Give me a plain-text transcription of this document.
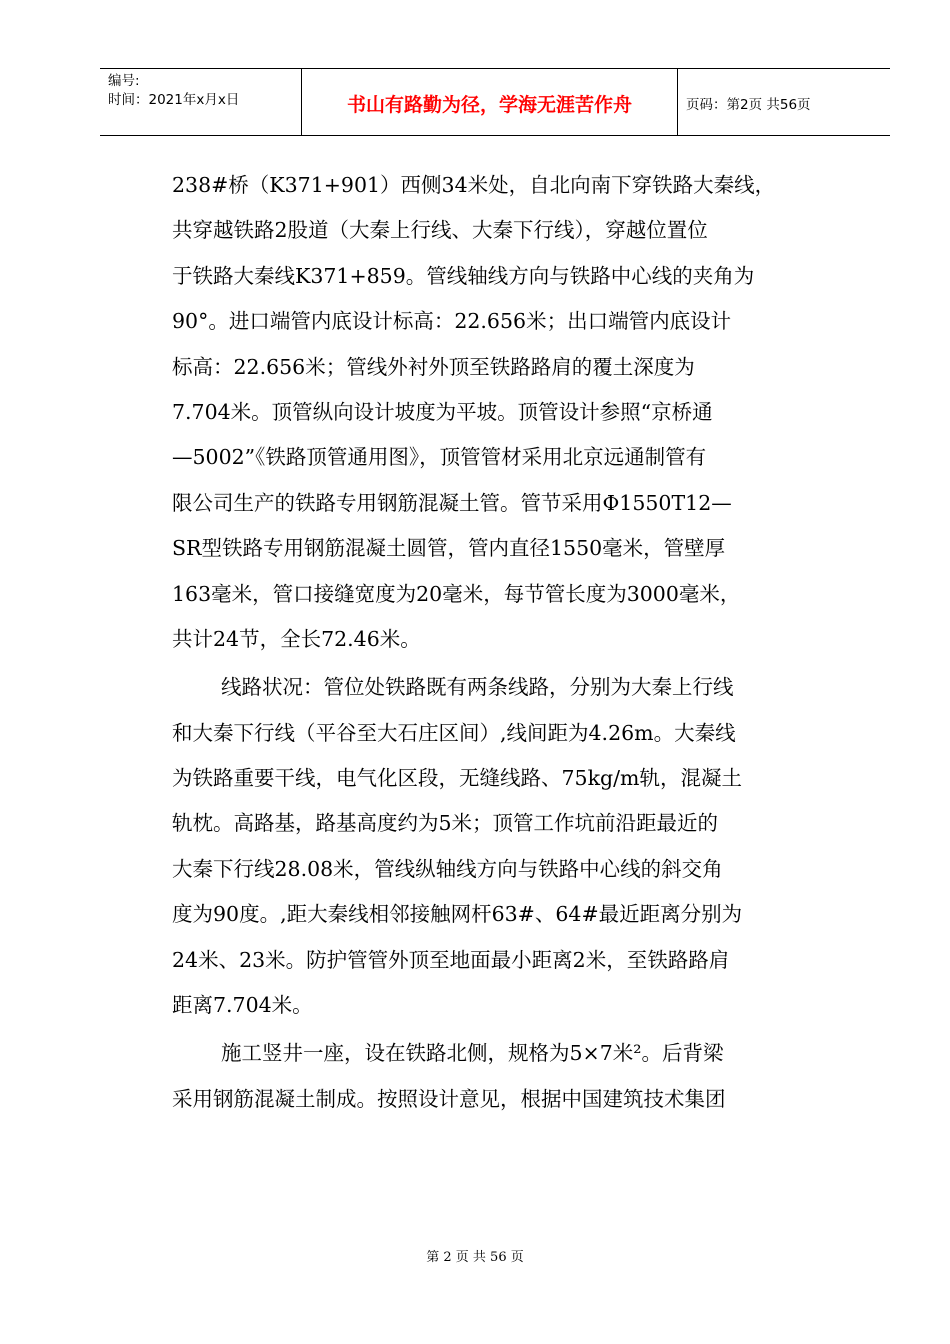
编号:
时间：2021年x月x日	书山有路勤为径，学海无涯苦作舟	页码：第2页 共56页
238#桥（K371+901）西侧34米处，自北向南下穿铁路大秦线，
共穿越铁路2股道（大秦上行线、大秦下行线），穿越位置位
于铁路大秦线K371+859。管线轴线方向与铁路中心线的夹角为
90°。进口端管内底设计标高：22.656米；出口端管内底设计
标高：22.656米；管线外衬外顶至铁路路肩的覆土深度为
7.704米。顶管纵向设计坡度为平坡。顶管设计参照“京桥通
—5002”《铁路顶管通用图》，顶管管材采用北京远通制管有
限公司生产的铁路专用钢筋混凝土管。管节采用Φ1550T12—
SR型铁路专用钢筋混凝土圆管，管内直径1550毫米，管壁厚
163毫米，管口接缝宽度为20毫米，每节管长度为3000毫米，
共计24节，全长72.46米。
线路状况：管位处铁路既有两条线路，分别为大秦上行线
和大秦下行线（平谷至大石庄区间）,线间距为4.26m。大秦线
为铁路重要干线，电气化区段，无缝线路、75kg/m轨，混凝土
轨枕。高路基，路基高度约为5米；顶管工作坑前沿距最近的
大秦下行线28.08米，管线纵轴线方向与铁路中心线的斜交角
度为90度。,距大秦线相邻接触网杆63#、64#最近距离分别为
24米、23米。防护管管外顶至地面最小距离2米，至铁路路肩
距离7.704米。
施工竖井一座，设在铁路北侧，规格为5×7米²。后背梁
采用钢筋混凝土制成。按照设计意见，根据中国建筑技术集团
第 2 页 共 56 页
